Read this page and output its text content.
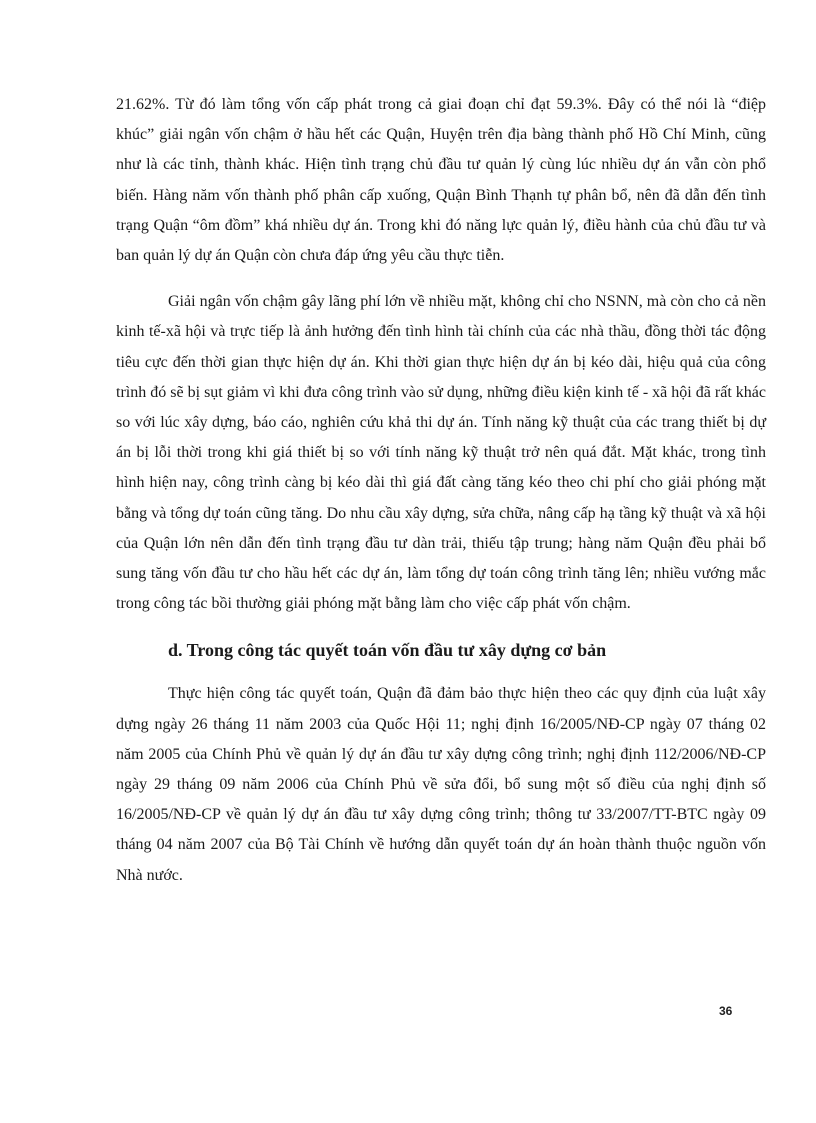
21.62%. Từ đó làm tổng vốn cấp phát trong cả giai đoạn chỉ đạt 59.3%. Đây có thể nói là “điệp khúc” giải ngân vốn chậm ở hầu hết các Quận, Huyện trên địa bàng thành phố Hồ Chí Minh, cũng như là các tỉnh, thành khác. Hiện tình trạng chủ đầu tư quản lý cùng lúc nhiều dự án vẫn còn phổ biến. Hàng năm vốn thành phố phân cấp xuống, Quận Bình Thạnh tự phân bổ, nên đã dẫn đến tình trạng Quận “ôm đồm” khá nhiều dự án. Trong khi đó năng lực quản lý, điều hành của chủ đầu tư và ban quản lý dự án Quận còn chưa đáp ứng yêu cầu thực tiễn.

Giải ngân vốn chậm gây lãng phí lớn về nhiều mặt, không chỉ cho NSNN, mà còn cho cả nền kinh tế-xã hội và trực tiếp là ảnh hưởng đến tình hình tài chính của các nhà thầu, đồng thời tác động tiêu cực đến thời gian thực hiện dự án. Khi thời gian thực hiện dự án bị kéo dài, hiệu quả của công trình đó sẽ bị sụt giảm vì khi đưa công trình vào sử dụng, những điều kiện kinh tế - xã hội đã rất khác so với lúc xây dựng, báo cáo, nghiên cứu khả thi dự án. Tính năng kỹ thuật của các trang thiết bị dự án bị lỗi thời trong khi giá thiết bị so với tính năng kỹ thuật trở nên quá đắt. Mặt khác, trong tình hình hiện nay, công trình càng bị kéo dài thì giá đất càng tăng kéo theo chi phí cho giải phóng mặt bằng và tổng dự toán cũng tăng. Do nhu cầu xây dựng, sửa chữa, nâng cấp hạ tầng kỹ thuật và xã hội của Quận lớn nên dẫn đến tình trạng đầu tư dàn trải, thiếu tập trung; hàng năm Quận đều phải bổ sung tăng vốn đầu tư cho hầu hết các dự án, làm tổng dự toán công trình tăng lên; nhiều vướng mắc trong công tác bồi thường giải phóng mặt bằng làm cho việc cấp phát vốn chậm.

d. Trong công tác quyết toán vốn đầu tư xây dựng cơ bản

Thực hiện công tác quyết toán, Quận đã đảm bảo thực hiện theo các quy định của luật xây dựng ngày 26 tháng 11 năm 2003 của Quốc Hội 11; nghị định 16/2005/NĐ-CP ngày 07 tháng 02 năm 2005 của Chính Phủ về quản lý dự án đầu tư xây dựng công trình; nghị định 112/2006/NĐ-CP ngày 29 tháng 09 năm 2006 của Chính Phủ về sửa đổi, bổ sung một số điều của nghị định số 16/2005/NĐ-CP về quản lý dự án đầu tư xây dựng công trình; thông tư 33/2007/TT-BTC ngày 09 tháng 04 năm 2007 của Bộ Tài Chính về hướng dẫn quyết toán dự án hoàn thành thuộc nguồn vốn Nhà nước.

36
